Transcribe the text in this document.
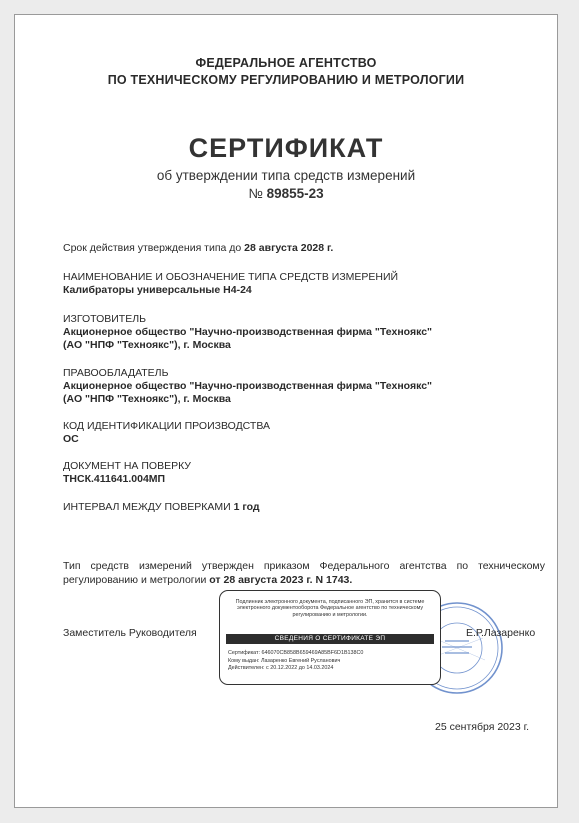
ФЕДЕРАЛЬНОЕ АГЕНТСТВО
ПО ТЕХНИЧЕСКОМУ РЕГУЛИРОВАНИЮ И МЕТРОЛОГИИ
СЕРТИФИКАТ
об утверждении типа средств измерений
№ 89855-23
Срок действия утверждения типа до 28 августа 2028 г.
НАИМЕНОВАНИЕ И ОБОЗНАЧЕНИЕ ТИПА СРЕДСТВ ИЗМЕРЕНИЙ
Калибраторы универсальные Н4-24
ИЗГОТОВИТЕЛЬ
Акционерное общество "Научно-производственная фирма "Техноякс"
(АО "НПФ "Техноякс"), г. Москва
ПРАВООБЛАДАТЕЛЬ
Акционерное общество "Научно-производственная фирма "Техноякс"
(АО "НПФ "Техноякс"), г. Москва
КОД ИДЕНТИФИКАЦИИ ПРОИЗВОДСТВА
ОС
ДОКУМЕНТ НА ПОВЕРКУ
ТНСК.411641.004МП
ИНТЕРВАЛ МЕЖДУ ПОВЕРКАМИ 1 год
Тип средств измерений утвержден приказом Федерального агентства по техническому регулированию и метрологии от 28 августа 2023 г. N 1743.
Заместитель Руководителя
Подлинник электронного документа, подписанного ЭП, хранится в системе электронного документооборота Федеральное агентство по техническому регулированию и метрологии.
СВЕДЕНИЯ О СЕРТИФИКАТЕ ЭП
Сертификат: 646070CB858B659469A85BF6D1B138C0
Кому выдан: Лазаренко Евгений Русланович
Действителен: с 20.12.2022 до 14.03.2024
Е.Р.Лазаренко
25 сентября 2023 г.
